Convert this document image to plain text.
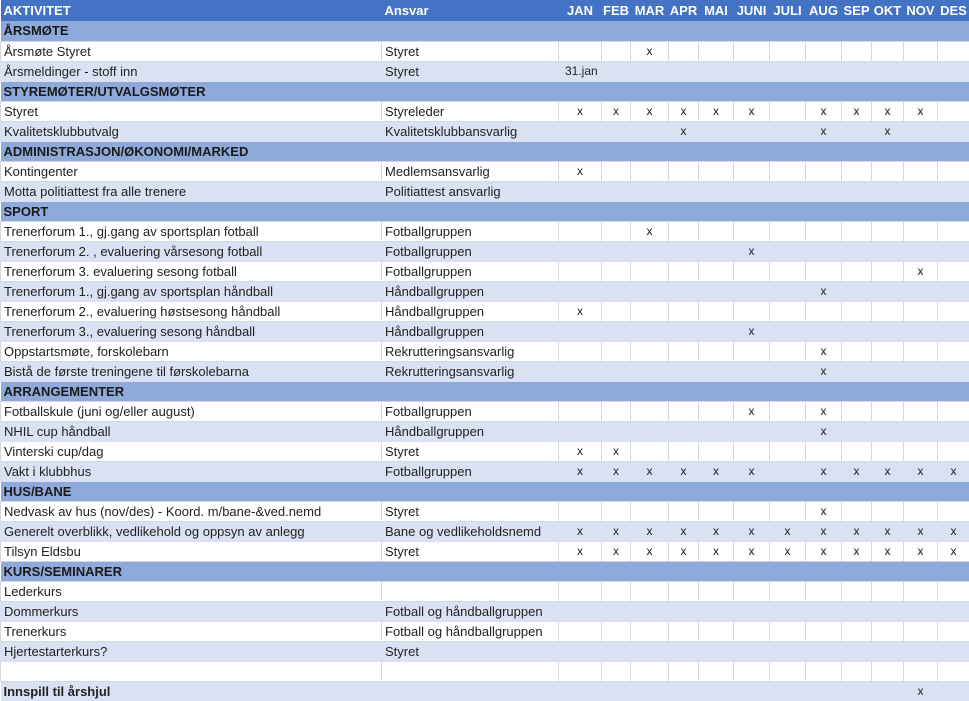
AKTIVITET	Ansvar	JAN	FEB	MAR	APR	MAI	JUNI	JULI	AUG	SEP	OKT	NOV	DES
ÅRSMØTE													
Årsmøte Styret	Styret			x									
Årsmeldinger - stoff inn	Styret	31.jan											
STYREMØTER/UTVALGSMØTER													
Styret	Styreleder	x	x	x	x	x	x		x	x	x	x	
Kvalitetsklubbutvalg	Kvalitetsklubbansvarlig				x				x		x		
ADMINISTRASJON/ØKONOMI/MARKED													
Kontingenter	Medlemsansvarlig	x											
Motta politiattest fra alle trenere	Politiattest ansvarlig												
SPORT													
Trenerforum 1., gj.gang av sportsplan fotball	Fotballgruppen			x									
Trenerforum 2. , evaluering vårsesong fotball	Fotballgruppen						x						
Trenerforum 3. evaluering sesong fotball	Fotballgruppen											x	
Trenerforum 1., gj.gang av sportsplan håndball	Håndballgruppen								x				
Trenerforum 2., evaluering høstsesong håndball	Håndballgruppen	x											
Trenerforum 3., evaluering sesong håndball	Håndballgruppen						x						
Oppstartsmøte, forskolebarn	Rekrutteringsansvarlig								x				
Bistå de første treningene til førskolebarna	Rekrutteringsansvarlig								x				
ARRANGEMENTER													
Fotballskule (juni og/eller august)	Fotballgruppen						x		x				
NHIL cup håndball	Håndballgruppen								x				
Vinterski cup/dag	Styret	x	x										
Vakt i klubbhus	Fotballgruppen	x	x	x	x	x	x		x	x	x	x	x
HUS/BANE													
Nedvask av hus (nov/des) - Koord. m/bane-&ved.nemd	Styret								x				
Generelt overblikk, vedlikehold og oppsyn av anlegg	Bane og vedlikeholdsnemd	x	x	x	x	x	x	x	x	x	x	x	x
Tilsyn Eldsbu	Styret	x	x	x	x	x	x	x	x	x	x	x	x
KURS/SEMINARER													
Lederkurs													
Dommerkurs	Fotball og håndballgruppen												
Trenerkurs	Fotball og håndballgruppen												
Hjertestarterkurs?	Styret												

Innspill til årshjul												x	
